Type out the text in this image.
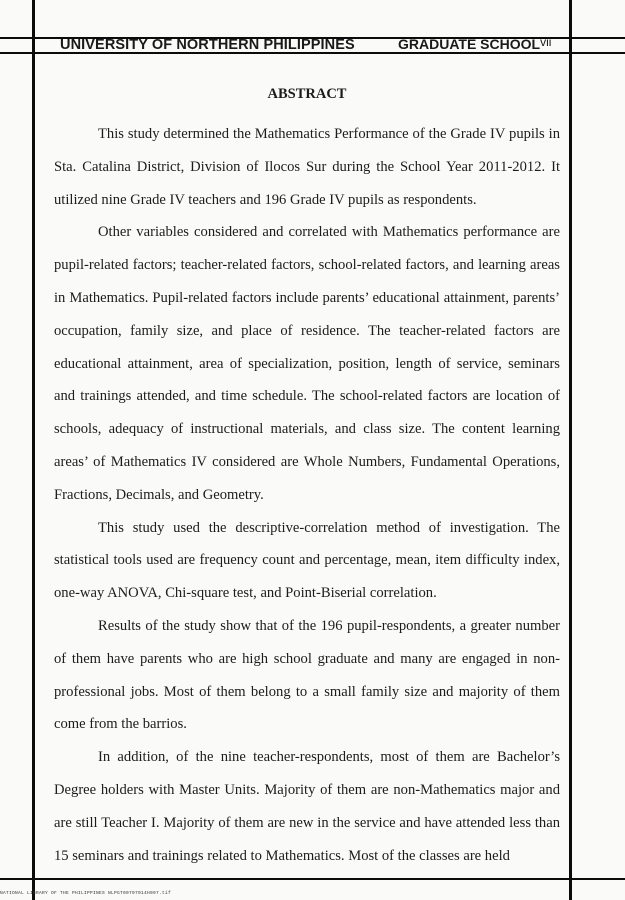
UNIVERSITY OF NORTHERN PHILIPPINES	GRADUATE SCHOOLvii
ABSTRACT

This study determined the Mathematics Performance of the Grade IV pupils in Sta. Catalina District, Division of Ilocos Sur during the School Year 2011-2012. It utilized nine Grade IV teachers and 196 Grade IV pupils as respondents.

Other variables considered and correlated with Mathematics performance are pupil-related factors; teacher-related factors, school-related factors, and learning areas in Mathematics. Pupil-related factors include parents’ educational attainment, parents’ occupation, family size, and place of residence. The teacher-related factors are educational attainment, area of specialization, position, length of service, seminars and trainings attended, and time schedule. The school-related factors are location of schools, adequacy of instructional materials, and class size. The content learning areas’ of Mathematics IV considered are Whole Numbers, Fundamental Operations, Fractions, Decimals, and Geometry.

This study used the descriptive-correlation method of investigation. The statistical tools used are frequency count and percentage, mean, item difficulty index, one-way ANOVA, Chi-square test, and Point-Biserial correlation.

Results of the study show that of the 196 pupil-respondents, a greater number of them have parents who are high school graduate and many are engaged in non-professional jobs. Most of them belong to a small family size and majority of them come from the barrios.

In addition, of the nine teacher-respondents, most of them are Bachelor’s Degree holders with Master Units. Majority of them are non-Mathematics major and are still Teacher I. Majority of them are new in the service and have attended less than 15 seminars and trainings related to Mathematics. Most of the classes are held

NATIONAL LIBRARY OF THE PHILIPPINES NLPGT00707014H097.tif
